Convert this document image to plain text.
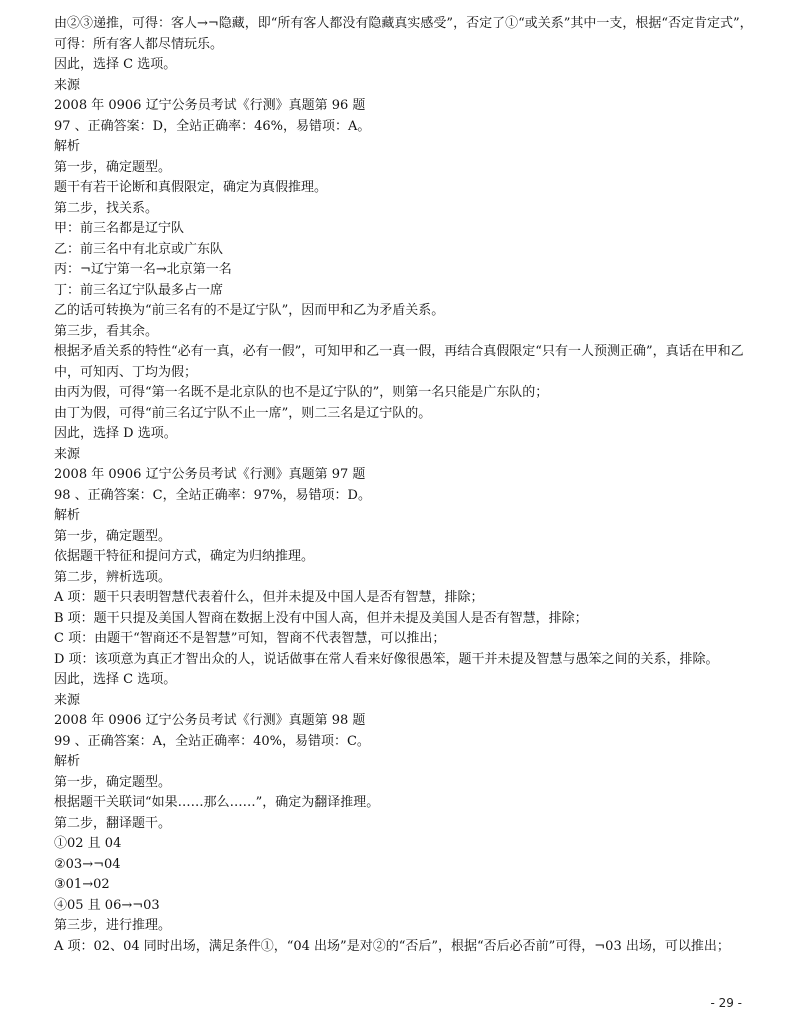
由②③递推，可得：客人→¬隐藏，即“所有客人都没有隐藏真实感受”，否定了①“或关系”其中一支，根据“否定肯定式”，可得：所有客人都尽情玩乐。
因此，选择 C 选项。
来源
2008 年 0906 辽宁公务员考试《行测》真题第 96 题
97 、正确答案：D，全站正确率：46%，易错项：A。
解析
第一步，确定题型。
题干有若干论断和真假限定，确定为真假推理。
第二步，找关系。
甲：前三名都是辽宁队
乙：前三名中有北京或广东队
丙：¬辽宁第一名→北京第一名
丁：前三名辽宁队最多占一席
乙的话可转换为“前三名有的不是辽宁队”，因而甲和乙为矛盾关系。
第三步，看其余。
根据矛盾关系的特性“必有一真，必有一假”，可知甲和乙一真一假，再结合真假限定“只有一人预测正确”，真话在甲和乙中，可知丙、丁均为假；
由丙为假，可得“第一名既不是北京队的也不是辽宁队的”，则第一名只能是广东队的；
由丁为假，可得“前三名辽宁队不止一席”，则二三名是辽宁队的。
因此，选择 D 选项。
来源
2008 年 0906 辽宁公务员考试《行测》真题第 97 题
98 、正确答案：C，全站正确率：97%，易错项：D。
解析
第一步，确定题型。
依据题干特征和提问方式，确定为归纳推理。
第二步，辨析选项。
A 项：题干只表明智慧代表着什么，但并未提及中国人是否有智慧，排除；
B 项：题干只提及美国人智商在数据上没有中国人高，但并未提及美国人是否有智慧，排除；
C 项：由题干“智商还不是智慧”可知，智商不代表智慧，可以推出；
D 项：该项意为真正才智出众的人，说话做事在常人看来好像很愚笨，题干并未提及智慧与愚笨之间的关系，排除。
因此，选择 C 选项。
来源
2008 年 0906 辽宁公务员考试《行测》真题第 98 题
99 、正确答案：A，全站正确率：40%，易错项：C。
解析
第一步，确定题型。
根据题干关联词“如果……那么……”，确定为翻译推理。
第二步，翻译题干。
①02 且 04
②03→¬04
③01→02
④05 且 06→¬03
第三步，进行推理。
A 项：02、04 同时出场，满足条件①，“04 出场”是对②的“否后”，根据“否后必否前”可得，¬03 出场，可以推出；
- 29 -
